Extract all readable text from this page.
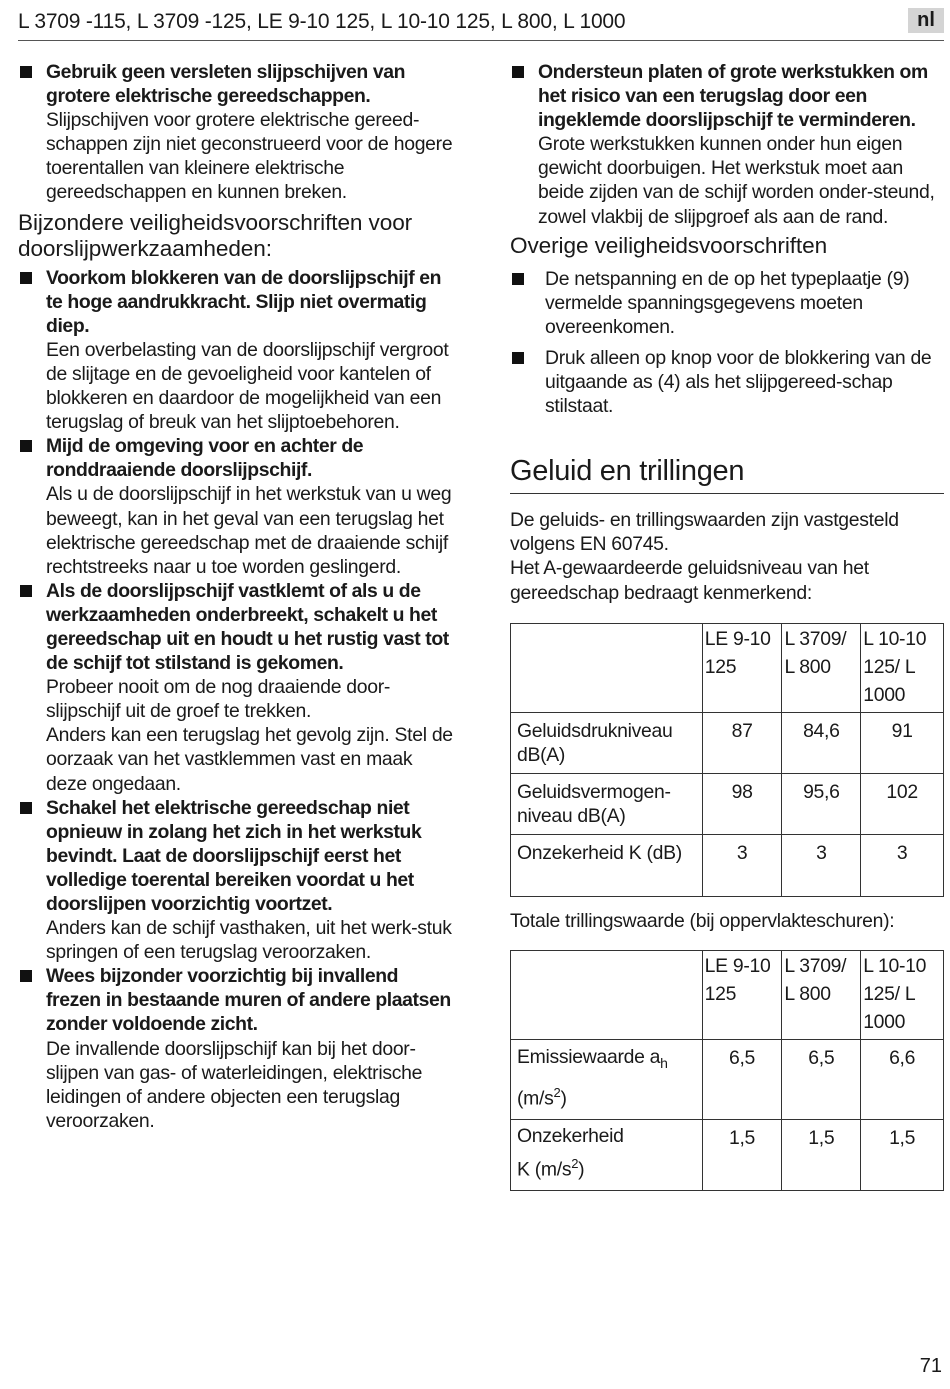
L 3709 -115, L 3709 -125, LE 9-10 125, L 10-10 125, L 800, L 1000	nl
Gebruik geen versleten slijpschijven van grotere elektrische gereedschappen.
Slijpschijven voor grotere elektrische gereed-schappen zijn niet geconstrueerd voor de hogere toerentallen van kleinere elektrische gereedschappen en kunnen breken.
Bijzondere veiligheidsvoorschriften voor doorslijpwerkzaamheden:
Voorkom blokkeren van de doorslijpschijf en te hoge aandrukkracht. Slijp niet overmatig diep.
Een overbelasting van de doorslijpschijf vergroot de slijtage en de gevoeligheid voor kantelen of blokkeren en daardoor de mogelijkheid van een terugslag of breuk van het slijptoebehoren.
Mijd de omgeving voor en achter de ronddraaiende doorslijpschijf.
Als u de doorslijpschijf in het werkstuk van u weg beweegt, kan in het geval van een terugslag het elektrische gereedschap met de draaiende schijf rechtstreeks naar u toe worden geslingerd.
Als de doorslijpschijf vastklemt of als u de werkzaamheden onderbreekt, schakelt u het gereedschap uit en houdt u het rustig vast tot de schijf tot stilstand is gekomen.
Probeer nooit om de nog draaiende door-slijpschijf uit de groef te trekken.
Anders kan een terugslag het gevolg zijn. Stel de oorzaak van het vastklemmen vast en maak deze ongedaan.
Schakel het elektrische gereedschap niet opnieuw in zolang het zich in het werkstuk bevindt. Laat de doorslijpschijf eerst het volledige toerental bereiken voordat u het doorslijpen voorzichtig voortzet.
Anders kan de schijf vasthaken, uit het werk-stuk springen of een terugslag veroorzaken.
Wees bijzonder voorzichtig bij invallend frezen in bestaande muren of andere plaatsen zonder voldoende zicht.
De invallende doorslijpschijf kan bij het door-slijpen van gas- of waterleidingen, elektrische leidingen of andere objecten een terugslag veroorzaken.
Ondersteun platen of grote werkstukken om het risico van een terugslag door een ingeklemde doorslijpschijf te verminderen.
Grote werkstukken kunnen onder hun eigen gewicht doorbuigen. Het werkstuk moet aan beide zijden van de schijf worden onder-steund, zowel vlakbij de slijpgroef als aan de rand.
Overige veiligheidsvoorschriften
De netspanning en de op het typeplaatje (9) vermelde spanningsgegevens moeten overeenkomen.
Druk alleen op knop voor de blokkering van de uitgaande as (4) als het slijpgereed-schap stilstaat.
Geluid en trillingen
De geluids- en trillingswaarden zijn vastgesteld volgens EN 60745.
Het A-gewaardeerde geluidsniveau van het gereedschap bedraagt kenmerkend:
	LE 9-10 125	L 3709/ L 800	L 10-10 125/ L 1000
Geluidsdrukniveau dB(A)	87	84,6	91
Geluidsvermogen-niveau dB(A)	98	95,6	102
Onzekerheid K (dB)	3	3	3
Totale trillingswaarde (bij oppervlakteschuren):
	LE 9-10 125	L 3709/ L 800	L 10-10 125/ L 1000
Emissiewaarde $a_h$
$(m/s^2)$	6,5	6,5	6,6
Onzekerheid
K $(m/s^2)$	1,5	1,5	1,5
71
